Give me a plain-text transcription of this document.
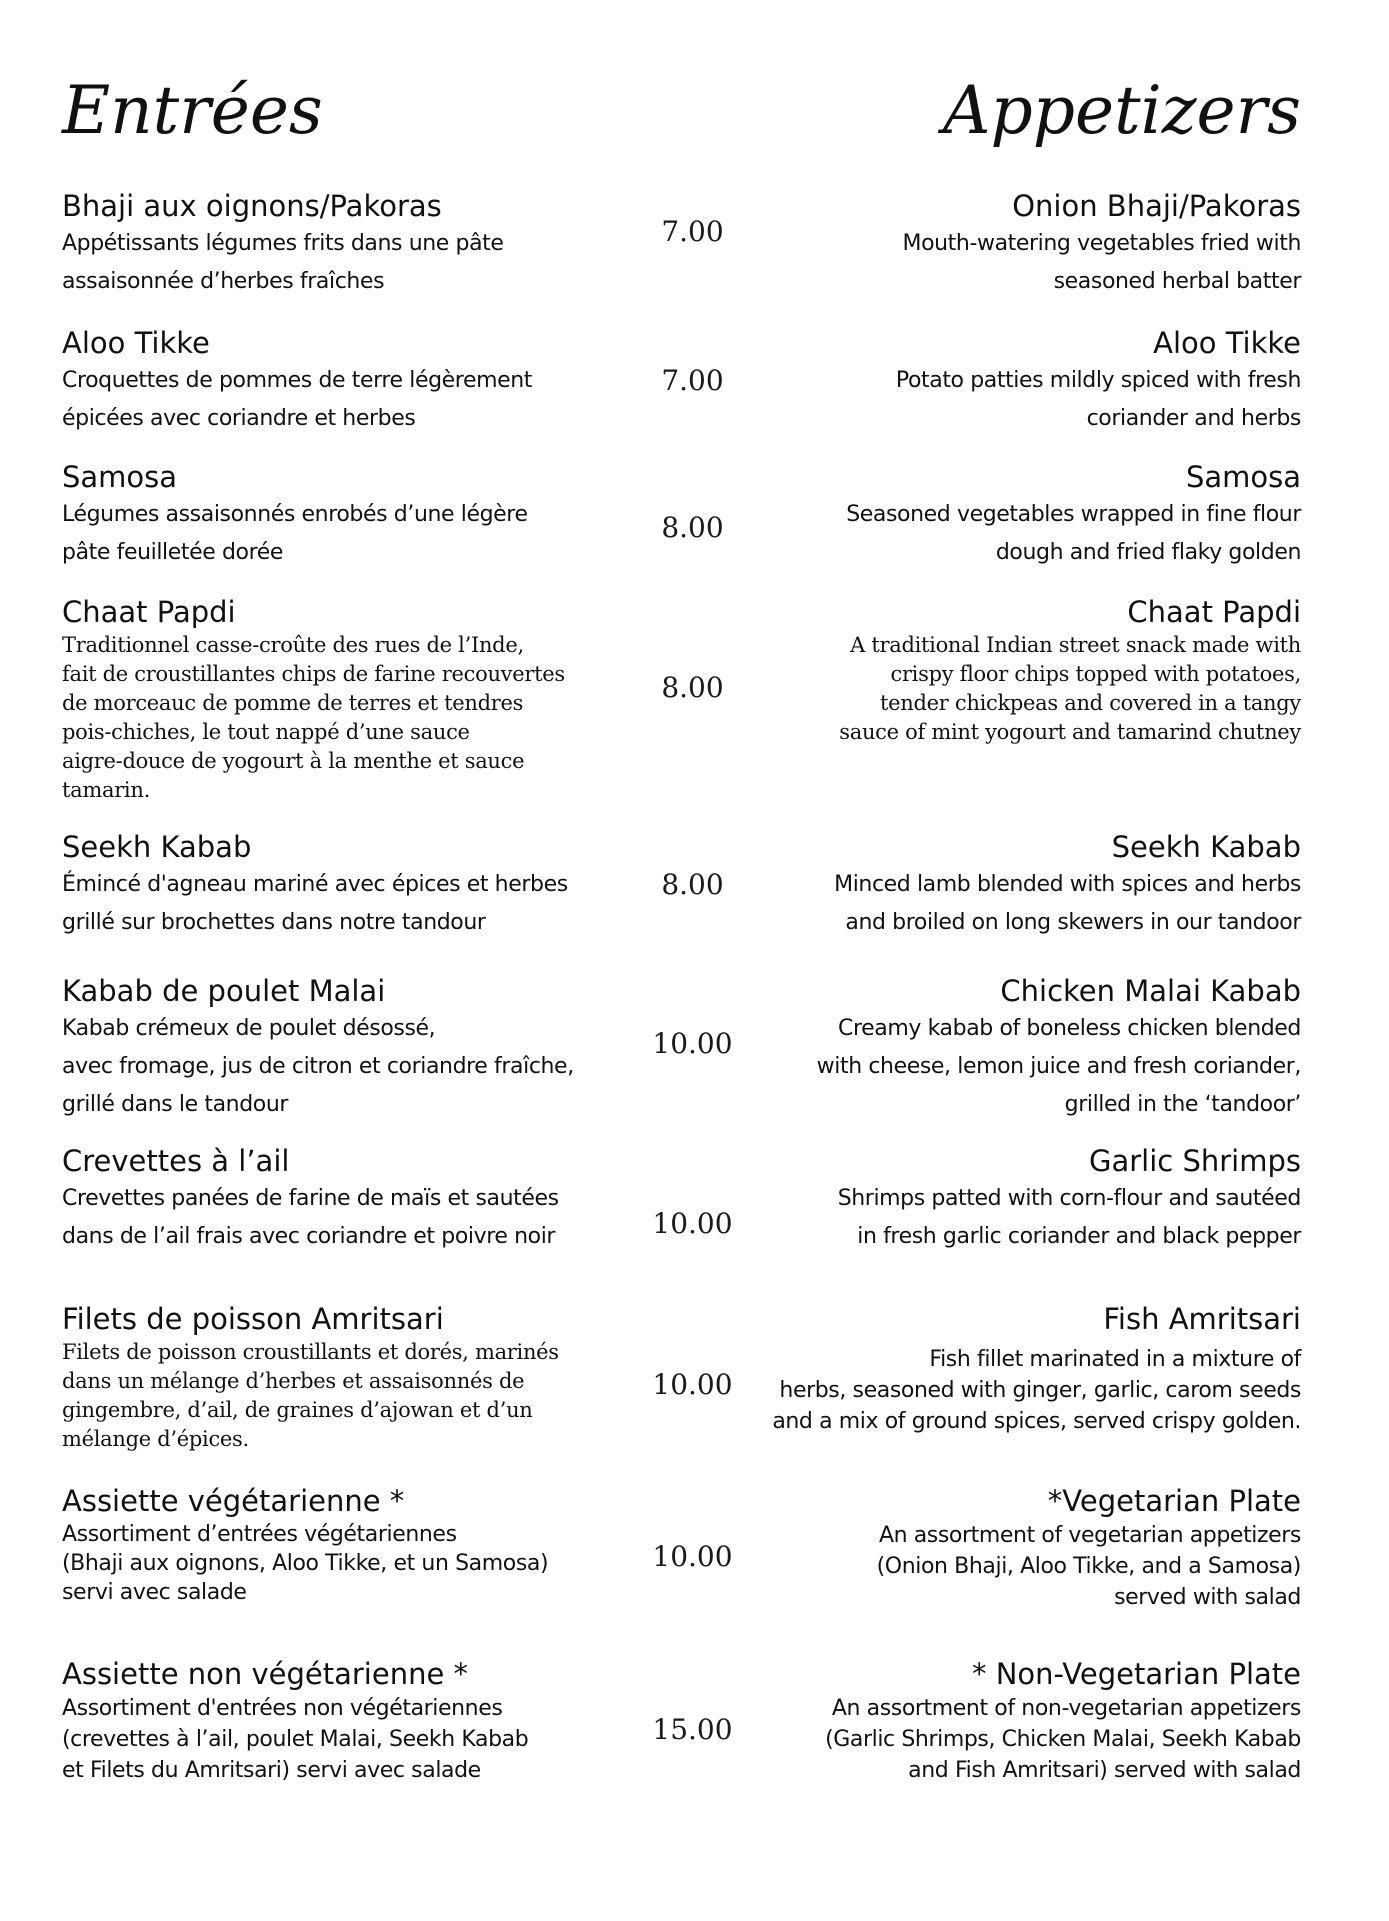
Entrées	Appetizers
Bhaji aux oignons/Pakoras
Appétissants légumes frits dans une pâte
assaisonnée d’herbes fraîches
7.00
Onion Bhaji/Pakoras
Mouth-watering vegetables fried with
seasoned herbal batter
Aloo Tikke
Croquettes de pommes de terre légèrement
épicées avec coriandre et herbes
7.00
Aloo Tikke
Potato patties mildly spiced with fresh
coriander and herbs
Samosa
Légumes assaisonnés enrobés d’une légère
pâte feuilletée dorée
8.00
Samosa
Seasoned vegetables wrapped in fine flour
dough and fried flaky golden
Chaat Papdi
Traditionnel casse-croûte des rues de l’Inde,
fait de croustillantes chips de farine recouvertes
de morceauc de pomme de terres et tendres
pois-chiches, le tout nappé d’une sauce
aigre-douce de yogourt à la menthe et sauce
tamarin.
8.00
Chaat Papdi
A traditional Indian street snack made with
crispy floor chips topped with potatoes,
tender chickpeas and covered in a tangy
sauce of mint yogourt and tamarind chutney
Seekh Kabab
Émincé d'agneau mariné avec épices et herbes
grillé sur brochettes dans notre tandour
8.00
Seekh Kabab
Minced lamb blended with spices and herbs
and broiled on long skewers in our tandoor
Kabab de poulet Malai
Kabab crémeux de poulet désossé,
avec fromage, jus de citron et coriandre fraîche,
grillé dans le tandour
10.00
Chicken Malai Kabab
Creamy kabab of boneless chicken blended
with cheese, lemon juice and fresh coriander,
grilled in the ‘tandoor’
Crevettes à l’ail
Crevettes panées de farine de maïs et sautées
dans de l’ail frais avec coriandre et poivre noir	10.00
Garlic Shrimps
Shrimps patted with corn-flour and sautéed
in fresh garlic coriander and black pepper
Filets de poisson Amritsari
Filets de poisson croustillants et dorés, marinés
dans un mélange d’herbes et assaisonnés de
gingembre, d’ail, de graines d’ajowan et d’un
mélange d’épices.
10.00
Fish Amritsari
Fish fillet marinated in a mixture of
herbs, seasoned with ginger, garlic, carom seeds
and a mix of ground spices, served crispy golden.
Assiette végétarienne *
Assortiment d’entrées végétariennes
(Bhaji aux oignons, Aloo Tikke, et un Samosa)
servi avec salade
10.00
*Vegetarian Plate
An assortment of vegetarian appetizers
(Onion Bhaji, Aloo Tikke, and a Samosa)
served with salad
Assiette non végétarienne *
Assortiment d'entrées non végétariennes
(crevettes à l’ail, poulet Malai, Seekh Kabab
et Filets du Amritsari) servi avec salade
15.00
* Non-Vegetarian Plate
An assortment of non-vegetarian appetizers
(Garlic Shrimps, Chicken Malai, Seekh Kabab
and Fish Amritsari) served with salad
